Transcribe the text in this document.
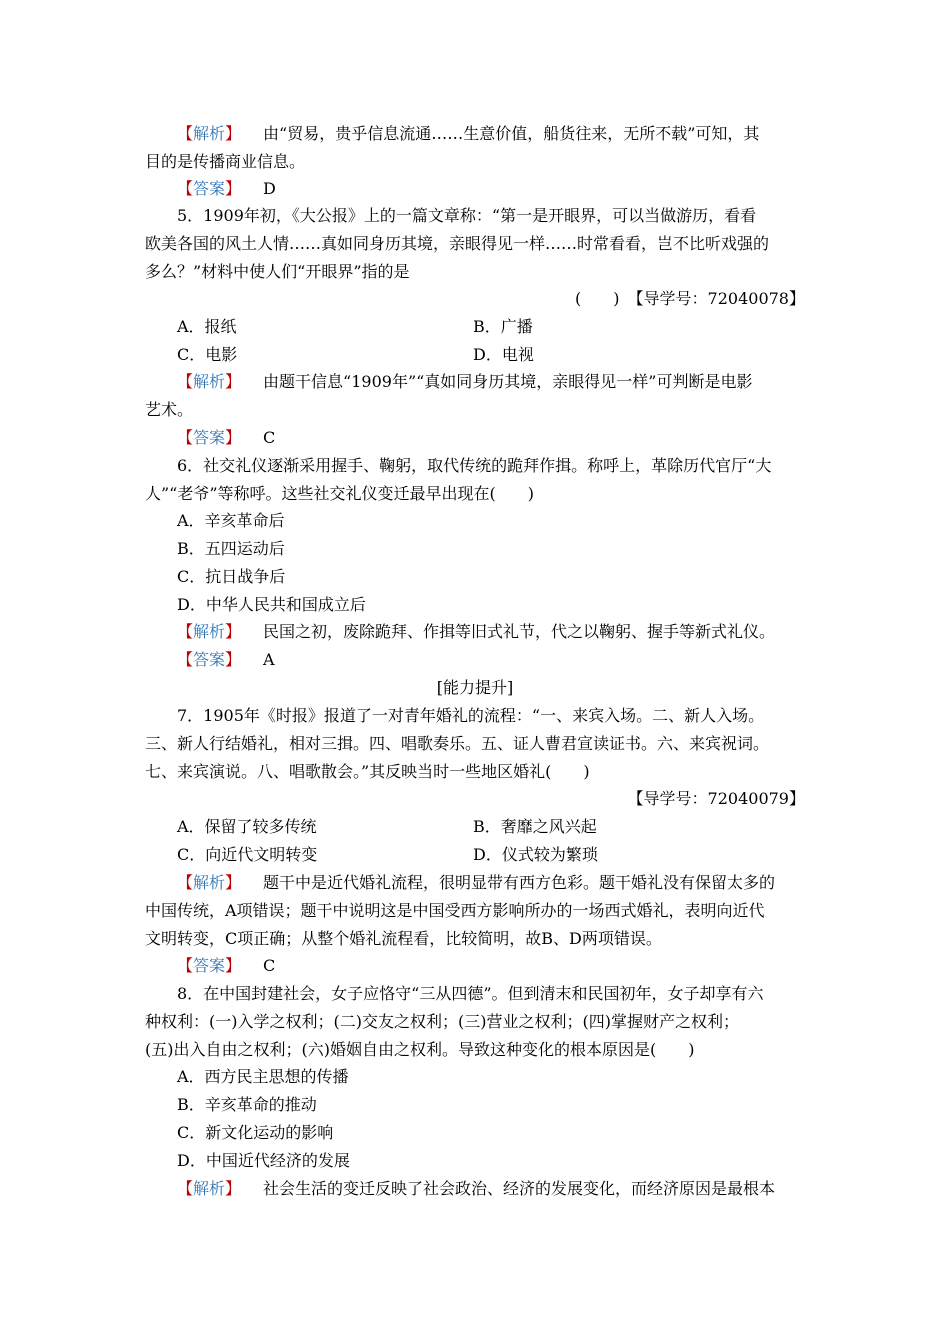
【解析】 由“贸易，贵乎信息流通……生意价值，船货往来，无所不载”可知，其
目的是传播商业信息。
【答案】 D
5．1909年初，《大公报》上的一篇文章称：“第一是开眼界，可以当做游历，看看
欧美各国的风土人情……真如同身历其境，亲眼得见一样……时常看看，岂不比听戏强的
多么？”材料中使人们“开眼界”指的是
(　　) 【导学号：72040078】
A．报纸	B．广播
C．电影	D．电视
【解析】 由题干信息“1909年”“真如同身历其境，亲眼得见一样”可判断是电影
艺术。
【答案】 C
6．社交礼仪逐渐采用握手、鞠躬，取代传统的跪拜作揖。称呼上，革除历代官厅“大
人”“老爷”等称呼。这些社交礼仪变迁最早出现在(　　)
A．辛亥革命后
B．五四运动后
C．抗日战争后
D．中华人民共和国成立后
【解析】 民国之初，废除跪拜、作揖等旧式礼节，代之以鞠躬、握手等新式礼仪。
【答案】 A
[能力提升]
7．1905年《时报》报道了一对青年婚礼的流程：“一、来宾入场。二、新人入场。
三、新人行结婚礼，相对三揖。四、唱歌奏乐。五、证人曹君宣读证书。六、来宾祝词。
七、来宾演说。八、唱歌散会。”其反映当时一些地区婚礼(　　)
【导学号：72040079】
A．保留了较多传统	B．奢靡之风兴起
C．向近代文明转变	D．仪式较为繁琐
【解析】 题干中是近代婚礼流程，很明显带有西方色彩。题干婚礼没有保留太多的
中国传统，A项错误；题干中说明这是中国受西方影响所办的一场西式婚礼，表明向近代
文明转变，C项正确；从整个婚礼流程看，比较简明，故B、D两项错误。
【答案】 C
8．在中国封建社会，女子应恪守“三从四德”。但到清末和民国初年，女子却享有六
种权利：(一)入学之权利；(二)交友之权利；(三)营业之权利；(四)掌握财产之权利；
(五)出入自由之权利；(六)婚姻自由之权利。导致这种变化的根本原因是(　　)
A．西方民主思想的传播
B．辛亥革命的推动
C．新文化运动的影响
D．中国近代经济的发展
【解析】 社会生活的变迁反映了社会政治、经济的发展变化，而经济原因是最根本
